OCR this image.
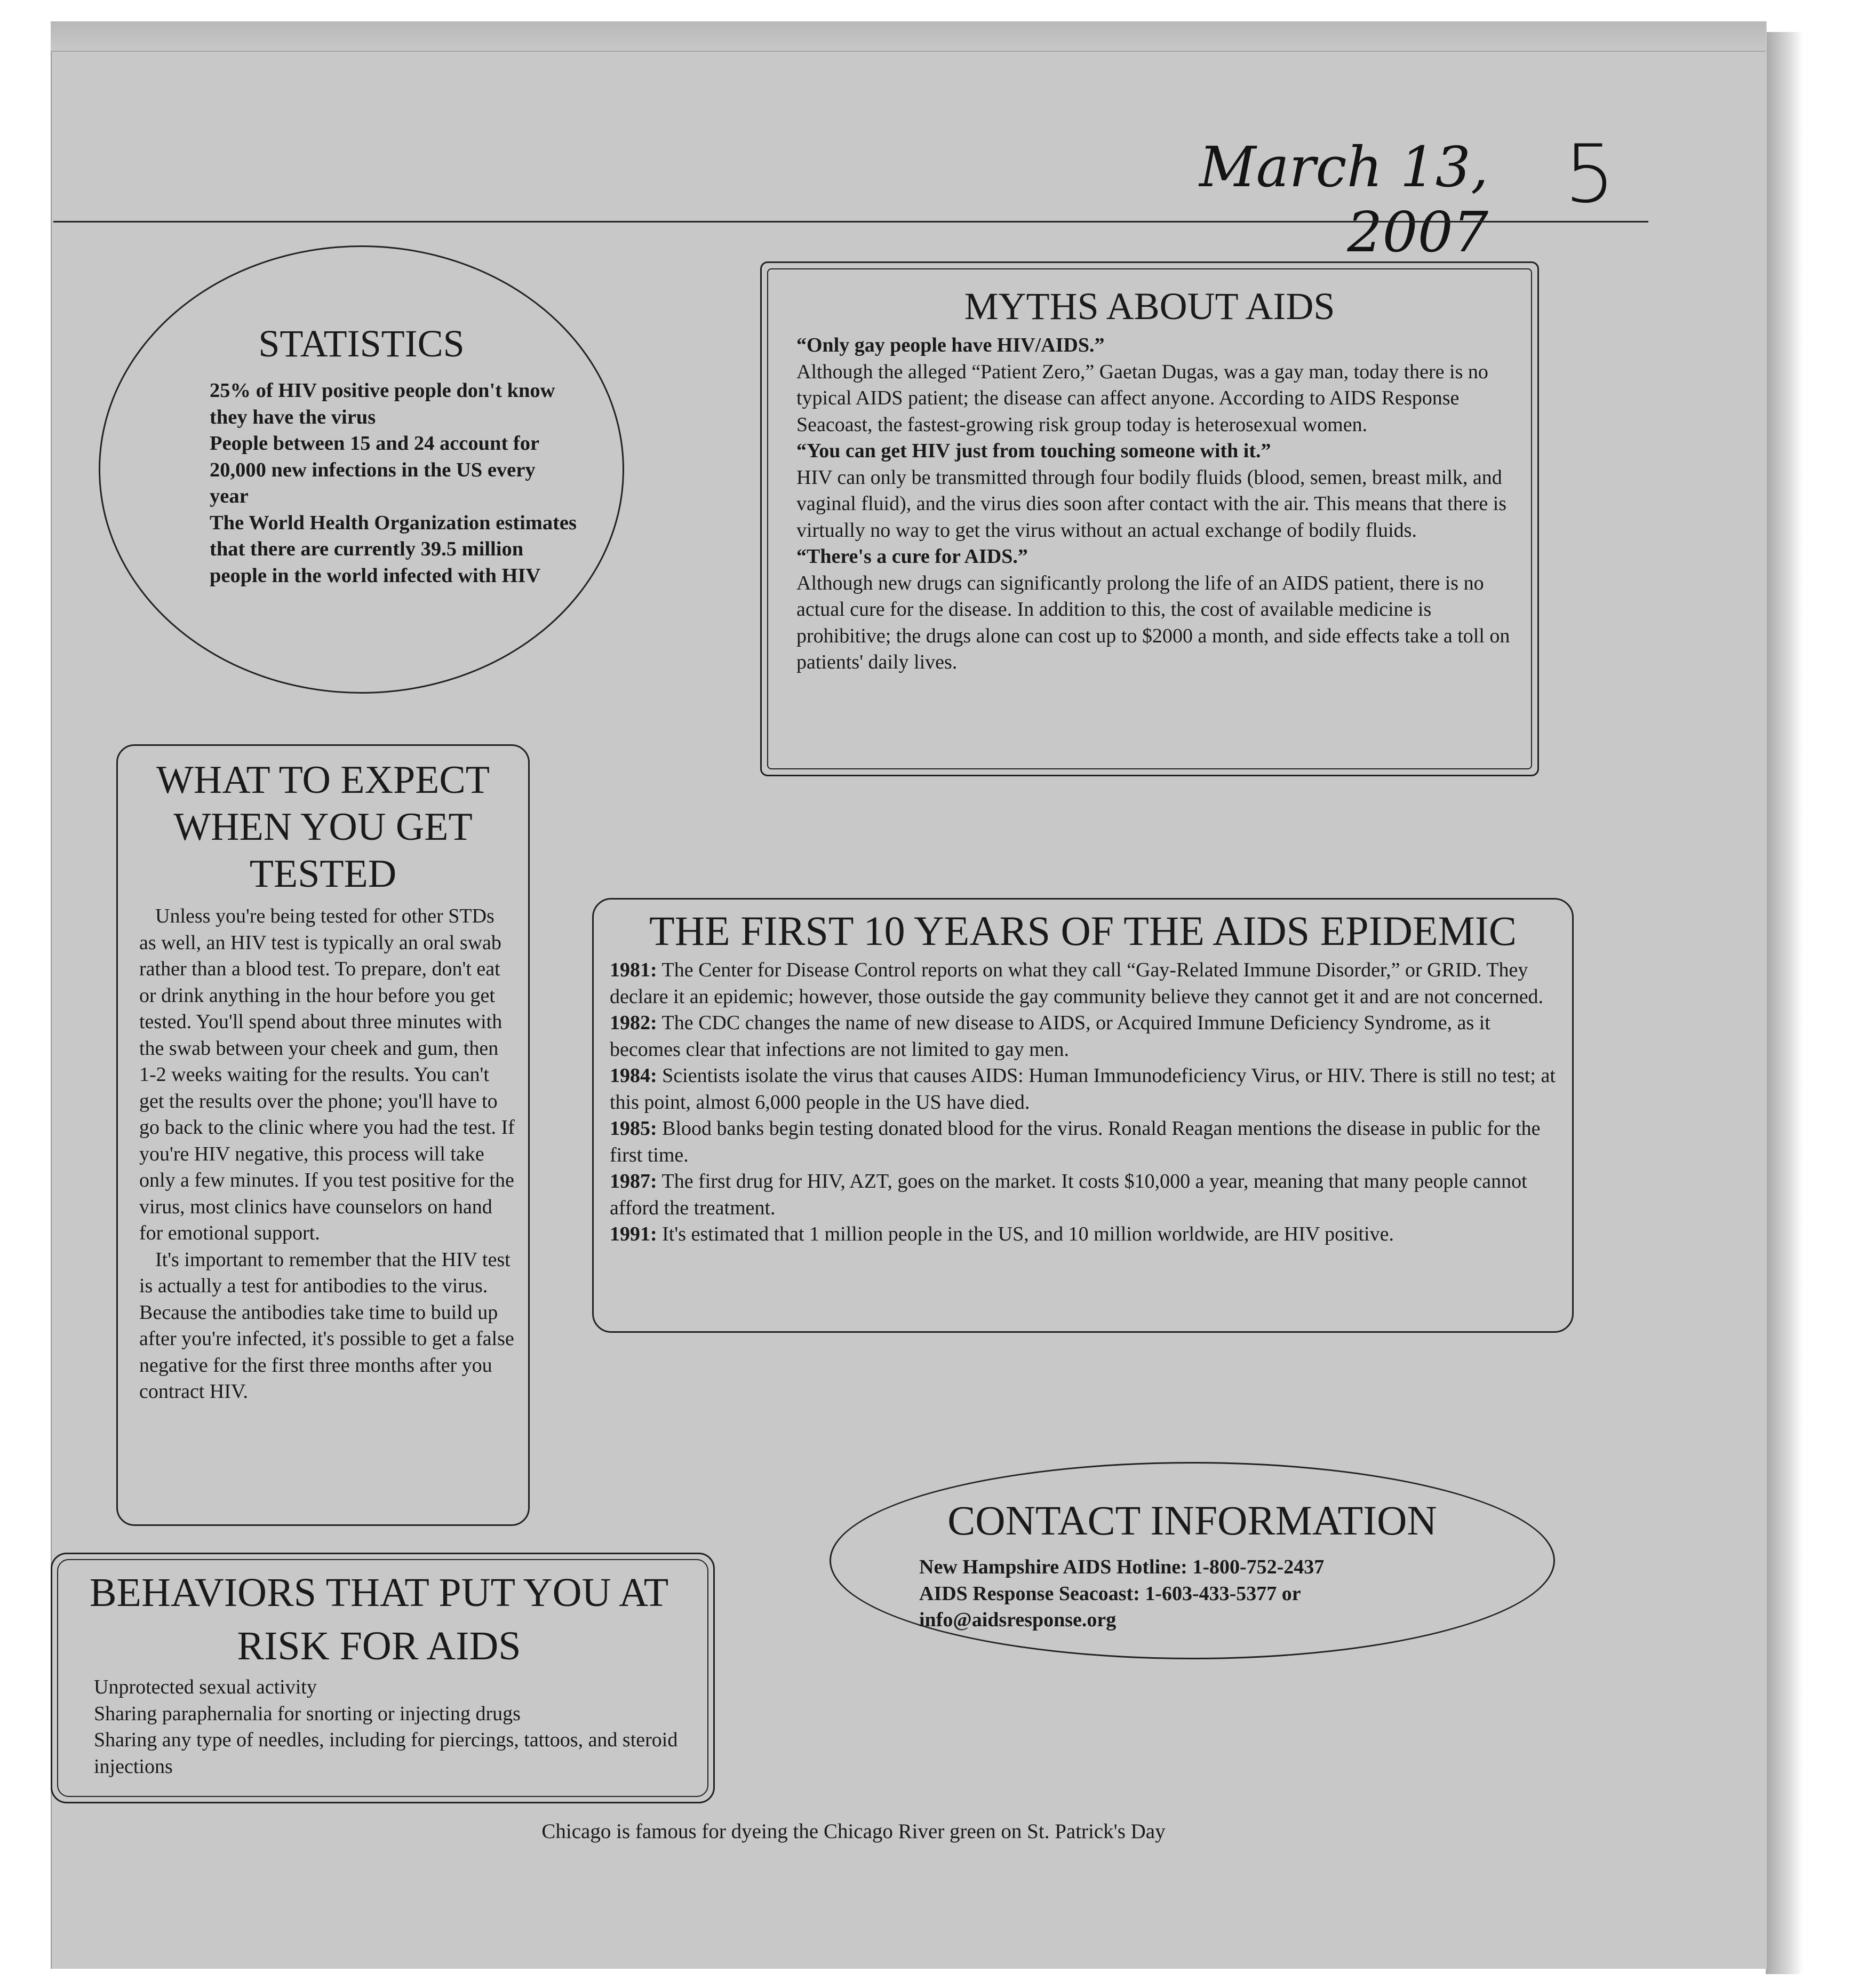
March 13, 2007
5
STATISTICS
25% of HIV positive people don't know they have the virus
People between 15 and 24 account for 20,000 new infections in the US every year
The World Health Organization estimates that there are currently 39.5 million people in the world infected with HIV
MYTHS ABOUT AIDS

“Only gay people have HIV/AIDS.”

Although the alleged “Patient Zero,” Gaetan Dugas, was a gay man, today there is no typical AIDS patient; the disease can affect anyone. According to AIDS Response Seacoast, the fastest-growing risk group today is heterosexual women.

“You can get HIV just from touching someone with it.”

HIV can only be transmitted through four bodily fluids (blood, semen, breast milk, and vaginal fluid), and the virus dies soon after contact with the air. This means that there is virtually no way to get the virus without an actual exchange of bodily fluids.

“There's a cure for AIDS.”

Although new drugs can significantly prolong the life of an AIDS patient, there is no actual cure for the disease. In addition to this, the cost of available medicine is prohibitive; the drugs alone can cost up to $2000 a month, and side effects take a toll on patients' daily lives.

WHAT TO EXPECT WHEN YOU GET TESTED

Unless you're being tested for other STDs as well, an HIV test is typically an oral swab rather than a blood test. To prepare, don't eat or drink anything in the hour before you get tested. You'll spend about three minutes with the swab between your cheek and gum, then 1-2 weeks waiting for the results. You can't get the results over the phone; you'll have to go back to the clinic where you had the test. If you're HIV negative, this process will take only a few minutes. If you test positive for the virus, most clinics have counselors on hand for emotional support.

It's important to remember that the HIV test is actually a test for antibodies to the virus. Because the antibodies take time to build up after you're infected, it's possible to get a false negative for the first three months after you contract HIV.

THE FIRST 10 YEARS OF THE AIDS EPIDEMIC

1981: The Center for Disease Control reports on what they call “Gay-Related Immune Disorder,” or GRID. They declare it an epidemic; however, those outside the gay community believe they cannot get it and are not concerned.

1982: The CDC changes the name of new disease to AIDS, or Acquired Immune Deficiency Syndrome, as it becomes clear that infections are not limited to gay men.

1984: Scientists isolate the virus that causes AIDS: Human Immunodeficiency Virus, or HIV. There is still no test; at this point, almost 6,000 people in the US have died.

1985: Blood banks begin testing donated blood for the virus. Ronald Reagan mentions the disease in public for the first time.

1987: The first drug for HIV, AZT, goes on the market. It costs $10,000 a year, meaning that many people cannot afford the treatment.

1991: It's estimated that 1 million people in the US, and 10 million worldwide, are HIV positive.

CONTACT INFORMATION

New Hampshire AIDS Hotline: 1-800-752-2437

AIDS Response Seacoast: 1-603-433-5377 or

info@aidsresponse.org

BEHAVIORS THAT PUT YOU AT RISK FOR AIDS
Unprotected sexual activity
Sharing paraphernalia for snorting or injecting drugs
Sharing any type of needles, including for piercings, tattoos, and steroid injections
Chicago is famous for dyeing the Chicago River green on St. Patrick's Day
